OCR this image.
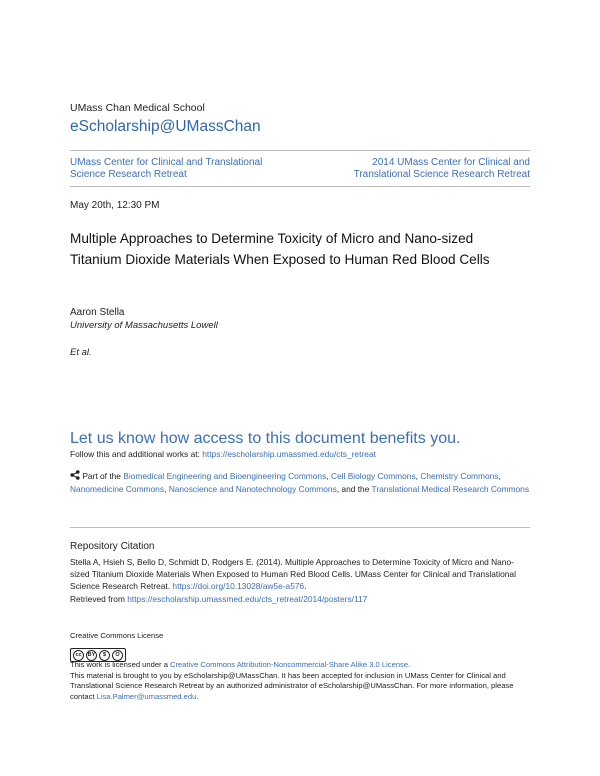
UMass Chan Medical School
eScholarship@UMassChan
UMass Center for Clinical and Translational Science Research Retreat
2014 UMass Center for Clinical and Translational Science Research Retreat
May 20th, 12:30 PM
Multiple Approaches to Determine Toxicity of Micro and Nano-sized Titanium Dioxide Materials When Exposed to Human Red Blood Cells
Aaron Stella
University of Massachusetts Lowell
Et al.
Let us know how access to this document benefits you.
Follow this and additional works at: https://escholarship.umassmed.edu/cts_retreat
Part of the Biomedical Engineering and Bioengineering Commons, Cell Biology Commons, Chemistry Commons, Nanomedicine Commons, Nanoscience and Nanotechnology Commons, and the Translational Medical Research Commons
Repository Citation
Stella A, Hsieh S, Bello D, Schmidt D, Rodgers E. (2014). Multiple Approaches to Determine Toxicity of Micro and Nano-sized Titanium Dioxide Materials When Exposed to Human Red Blood Cells. UMass Center for Clinical and Translational Science Research Retreat. https://doi.org/10.13028/aw5e-a576.
Retrieved from https://escholarship.umassmed.edu/cts_retreat/2014/posters/117
Creative Commons License
cc	BY	$	O
This work is licensed under a Creative Commons Attribution-Noncommercial-Share Alike 3.0 License.
This material is brought to you by eScholarship@UMassChan. It has been accepted for inclusion in UMass Center for Clinical and Translational Science Research Retreat by an authorized administrator of eScholarship@UMassChan. For more information, please contact Lisa.Palmer@umassmed.edu.
